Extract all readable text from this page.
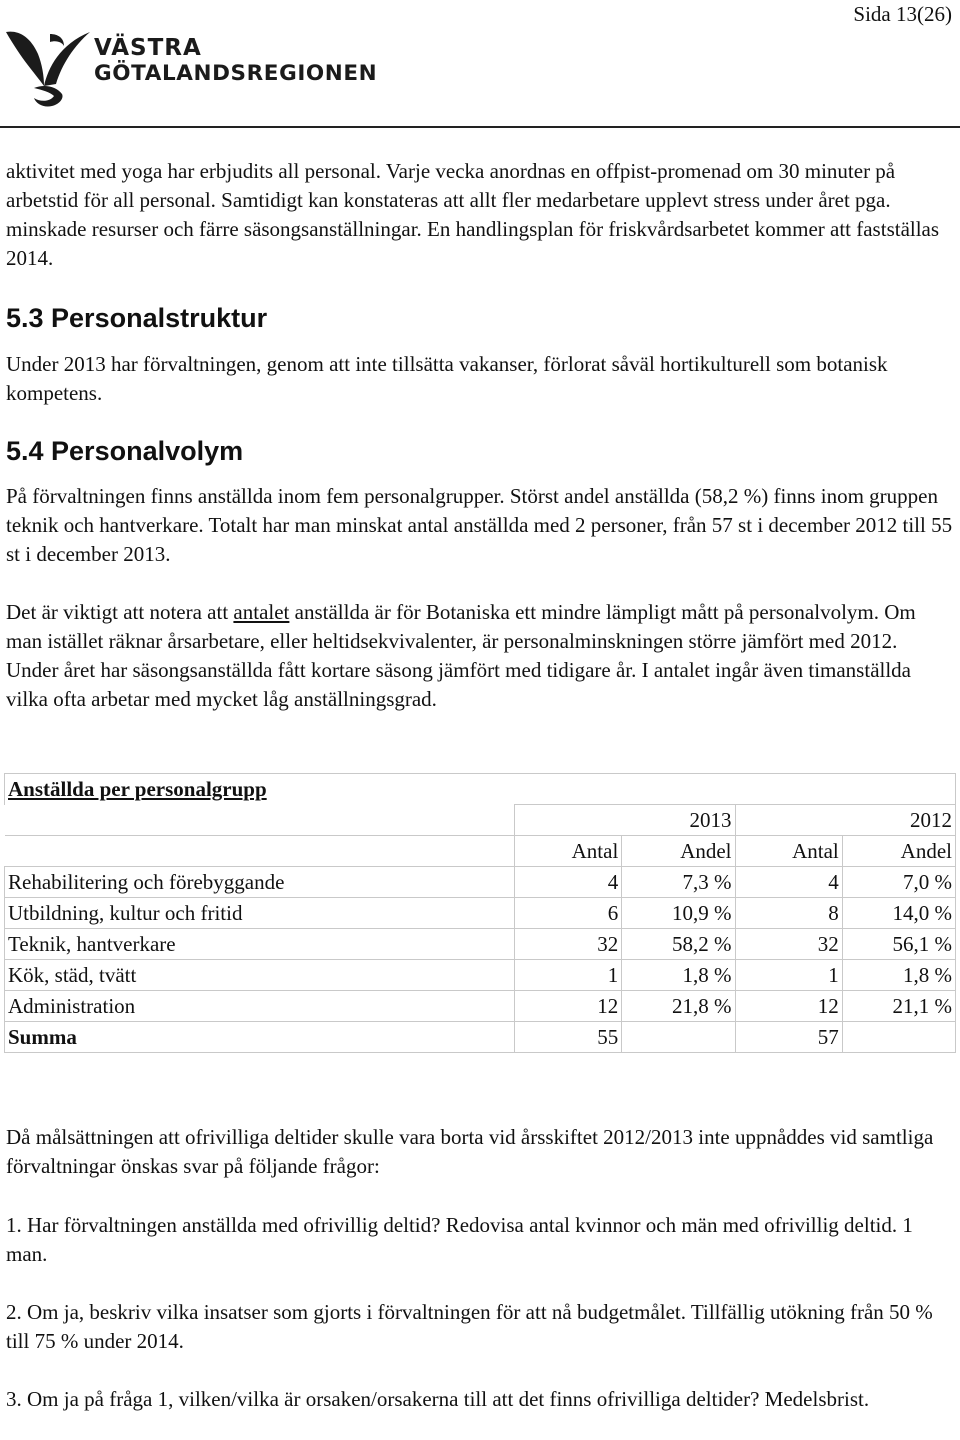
Sida 13(26)
VÄSTRA
GÖTALANDSREGIONEN

aktivitet med yoga har erbjudits all personal. Varje vecka anordnas en offpist-promenad om 30 minuter på arbetstid för all personal. Samtidigt kan konstateras att allt fler medarbetare upplevt stress under året pga. minskade resurser och färre säsongsanställningar. En handlingsplan för friskvårdsarbetet kommer att fastställas 2014.

5.3 Personalstruktur

Under 2013 har förvaltningen, genom att inte tillsätta vakanser, förlorat såväl hortikulturell som botanisk kompetens.

5.4 Personalvolym

På förvaltningen finns anställda inom fem personalgrupper. Störst andel anställda (58,2 %) finns inom gruppen teknik och hantverkare. Totalt har man minskat antal anställda med 2 personer, från 57 st i december 2012 till 55 st i december 2013.

Det är viktigt att notera att antalet anställda är för Botaniska ett mindre lämpligt mått på personalvolym. Om man istället räknar årsarbetare, eller heltidsekvivalenter, är personalminskningen större jämfört med 2012. Under året har säsongsanställda fått kortare säsong jämfört med tidigare år. I antalet ingår även timanställda vilka ofta arbetar med mycket låg anställningsgrad.

Anställda per personalgrupp				
	2013		2012	
	Antal	Andel	Antal	Andel
Rehabilitering och förebyggande	4	7,3 %	4	7,0 %
Utbildning, kultur och fritid	6	10,9 %	8	14,0 %
Teknik, hantverkare	32	58,2 %	32	56,1 %
Kök, städ, tvätt	1	1,8 %	1	1,8 %
Administration	12	21,8 %	12	21,1 %
Summa	55		57	

Då målsättningen att ofrivilliga deltider skulle vara borta vid årsskiftet 2012/2013 inte uppnåddes vid samtliga förvaltningar önskas svar på följande frågor:

1. Har förvaltningen anställda med ofrivillig deltid? Redovisa antal kvinnor och män med ofrivillig deltid. 1 man.

2. Om ja, beskriv vilka insatser som gjorts i förvaltningen för att nå budgetmålet. Tillfällig utökning från 50 % till 75 % under 2014.

3. Om ja på fråga 1, vilken/vilka är orsaken/orsakerna till att det finns ofrivilliga deltider? Medelsbrist.
